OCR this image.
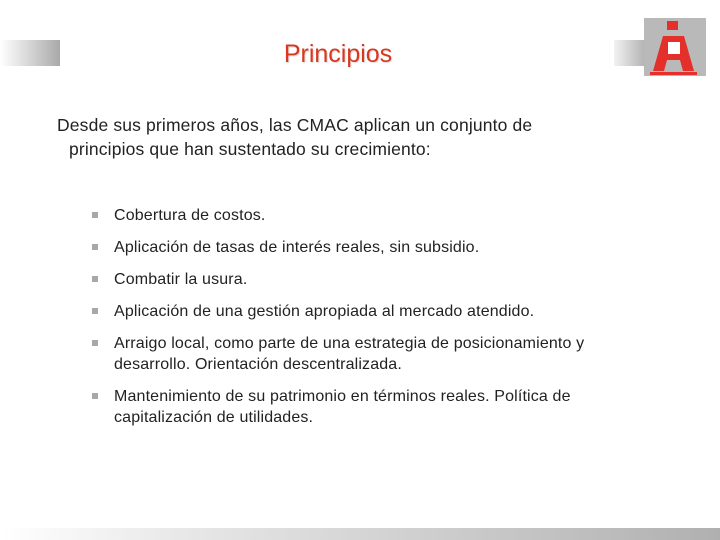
Principios
Desde sus primeros años, las CMAC aplican un conjunto de
principios que han sustentado su crecimiento:
Cobertura de costos.
Aplicación de tasas de interés reales, sin subsidio.
Combatir la usura.
Aplicación de una gestión apropiada al mercado atendido.
Arraigo local, como parte de una estrategia de posicionamiento y
desarrollo. Orientación descentralizada.
Mantenimiento de su patrimonio en términos reales. Política de
capitalización de utilidades.
